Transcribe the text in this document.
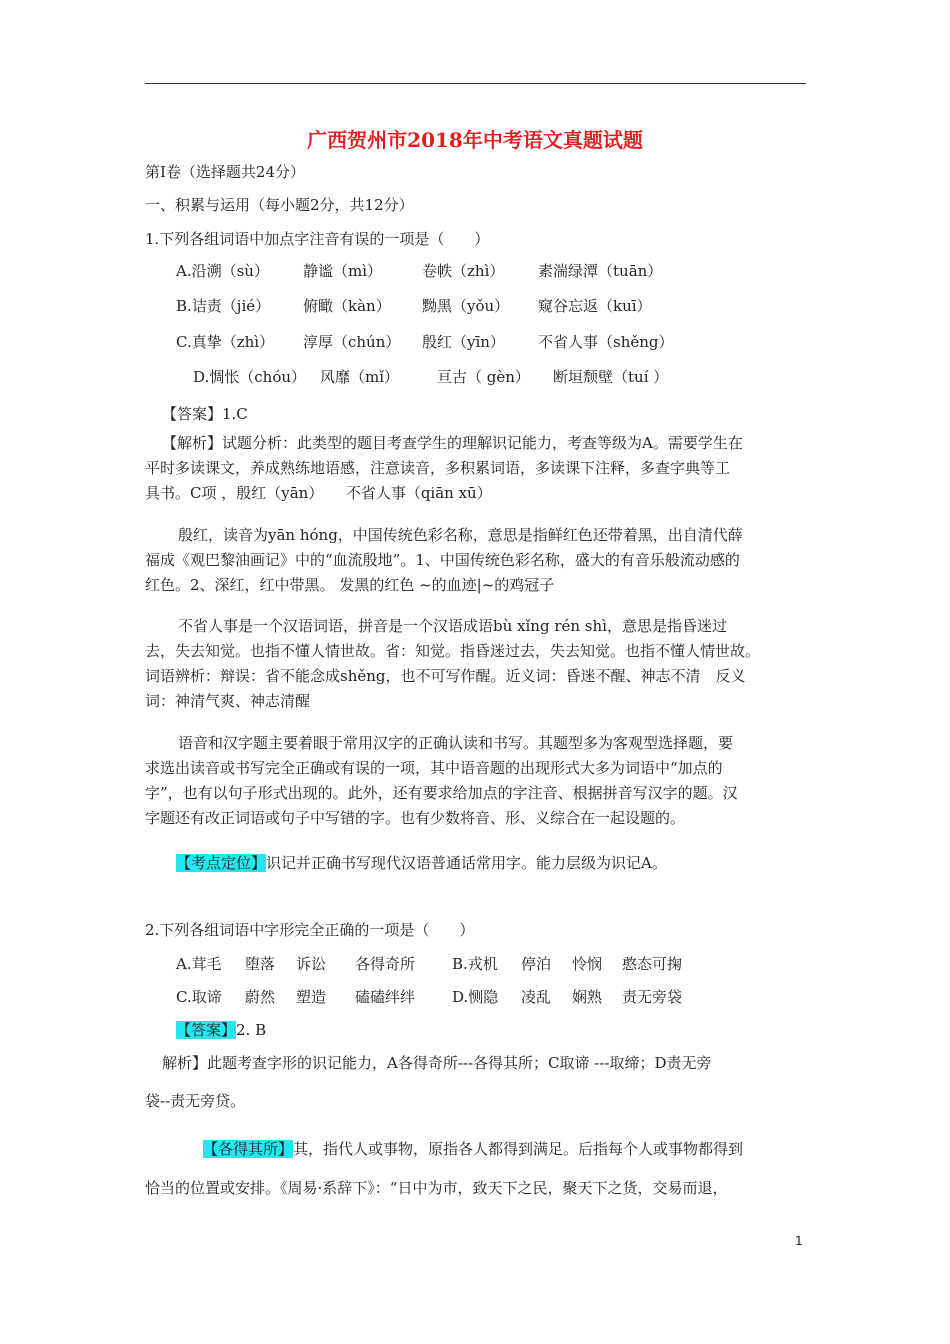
广西贺州市2018年中考语文真题试题
第Ⅰ卷（选择题共24分）
一、积累与运用（每小题2分，共12分）
1.下列各组词语中加点字注音有误的一项是（　　）
A.沿溯（sù） 静谧（mì）	卷帙（zhì） 素湍绿潭（tuān）
B.诘责（jié） 俯瞰（kàn） 黝黑（yǒu） 窥谷忘返（kuī）
C.真挚（zhì） 淳厚（chún） 殷红（yīn） 不省人事（shěng）
D.惆怅（chóu） 风靡（mǐ）	亘古（ gèn） 断垣颓壁（tuí ）
【答案】1.C
【解析】试题分析：此类型的题目考查学生的理解识记能力，考查等级为A。需要学生在
平时多读课文，养成熟练地语感，注意读音，多积累词语，多读课下注释，多查字典等工
具书。C项 ，殷红（yān）　　不省人事（qiān xū）
殷红，读音为yān hóng，中国传统色彩名称，意思是指鲜红色还带着黑，出自清代薛
福成《观巴黎油画记》中的“血流殷地”。1、中国传统色彩名称，盛大的有音乐般流动感的
红色。2、深红，红中带黑。 发黑的红色 ~的血迹|~的鸡冠子
不省人事是一个汉语词语，拼音是一个汉语成语bù xǐng rén shì，意思是指昏迷过
去，失去知觉。也指不懂人情世故。省：知觉。指昏迷过去，失去知觉。也指不懂人情世故。
词语辨析：辩误：省不能念成shěng，也不可写作醒。近义词：昏迷不醒、神志不清　反义
词：神清气爽、神志清醒
语音和汉字题主要着眼于常用汉字的正确认读和书写。其题型多为客观型选择题，要
求选出读音或书写完全正确或有误的一项，其中语音题的出现形式大多为词语中“加点的
字”，也有以句子形式出现的。此外，还有要求给加点的字注音、根据拼音写汉字的题。汉
字题还有改正词语或句子中写错的字。也有少数将音、形、义综合在一起设题的。
【考点定位】识记并正确书写现代汉语普通话常用字。能力层级为识记A。
2.下列各组词语中字形完全正确的一项是（　　）
A.茸毛 堕落 诉讼 各得奇所 B.戎机 停泊 怜悯 憨态可掬
C.取谛 蔚然 塑造 磕磕绊绊 D.恻隐 凌乱 娴熟 责无旁袋
【答案】2. B
解析】此题考查字形的识记能力，A各得奇所---各得其所；C取谛 ---取缔；D责无旁
袋--责无旁贷。
【各得其所】其，指代人或事物，原指各人都得到满足。后指每个人或事物都得到
恰当的位置或安排。《周易·系辞下》：“日中为市，致天下之民，聚天下之货，交易而退，
1
